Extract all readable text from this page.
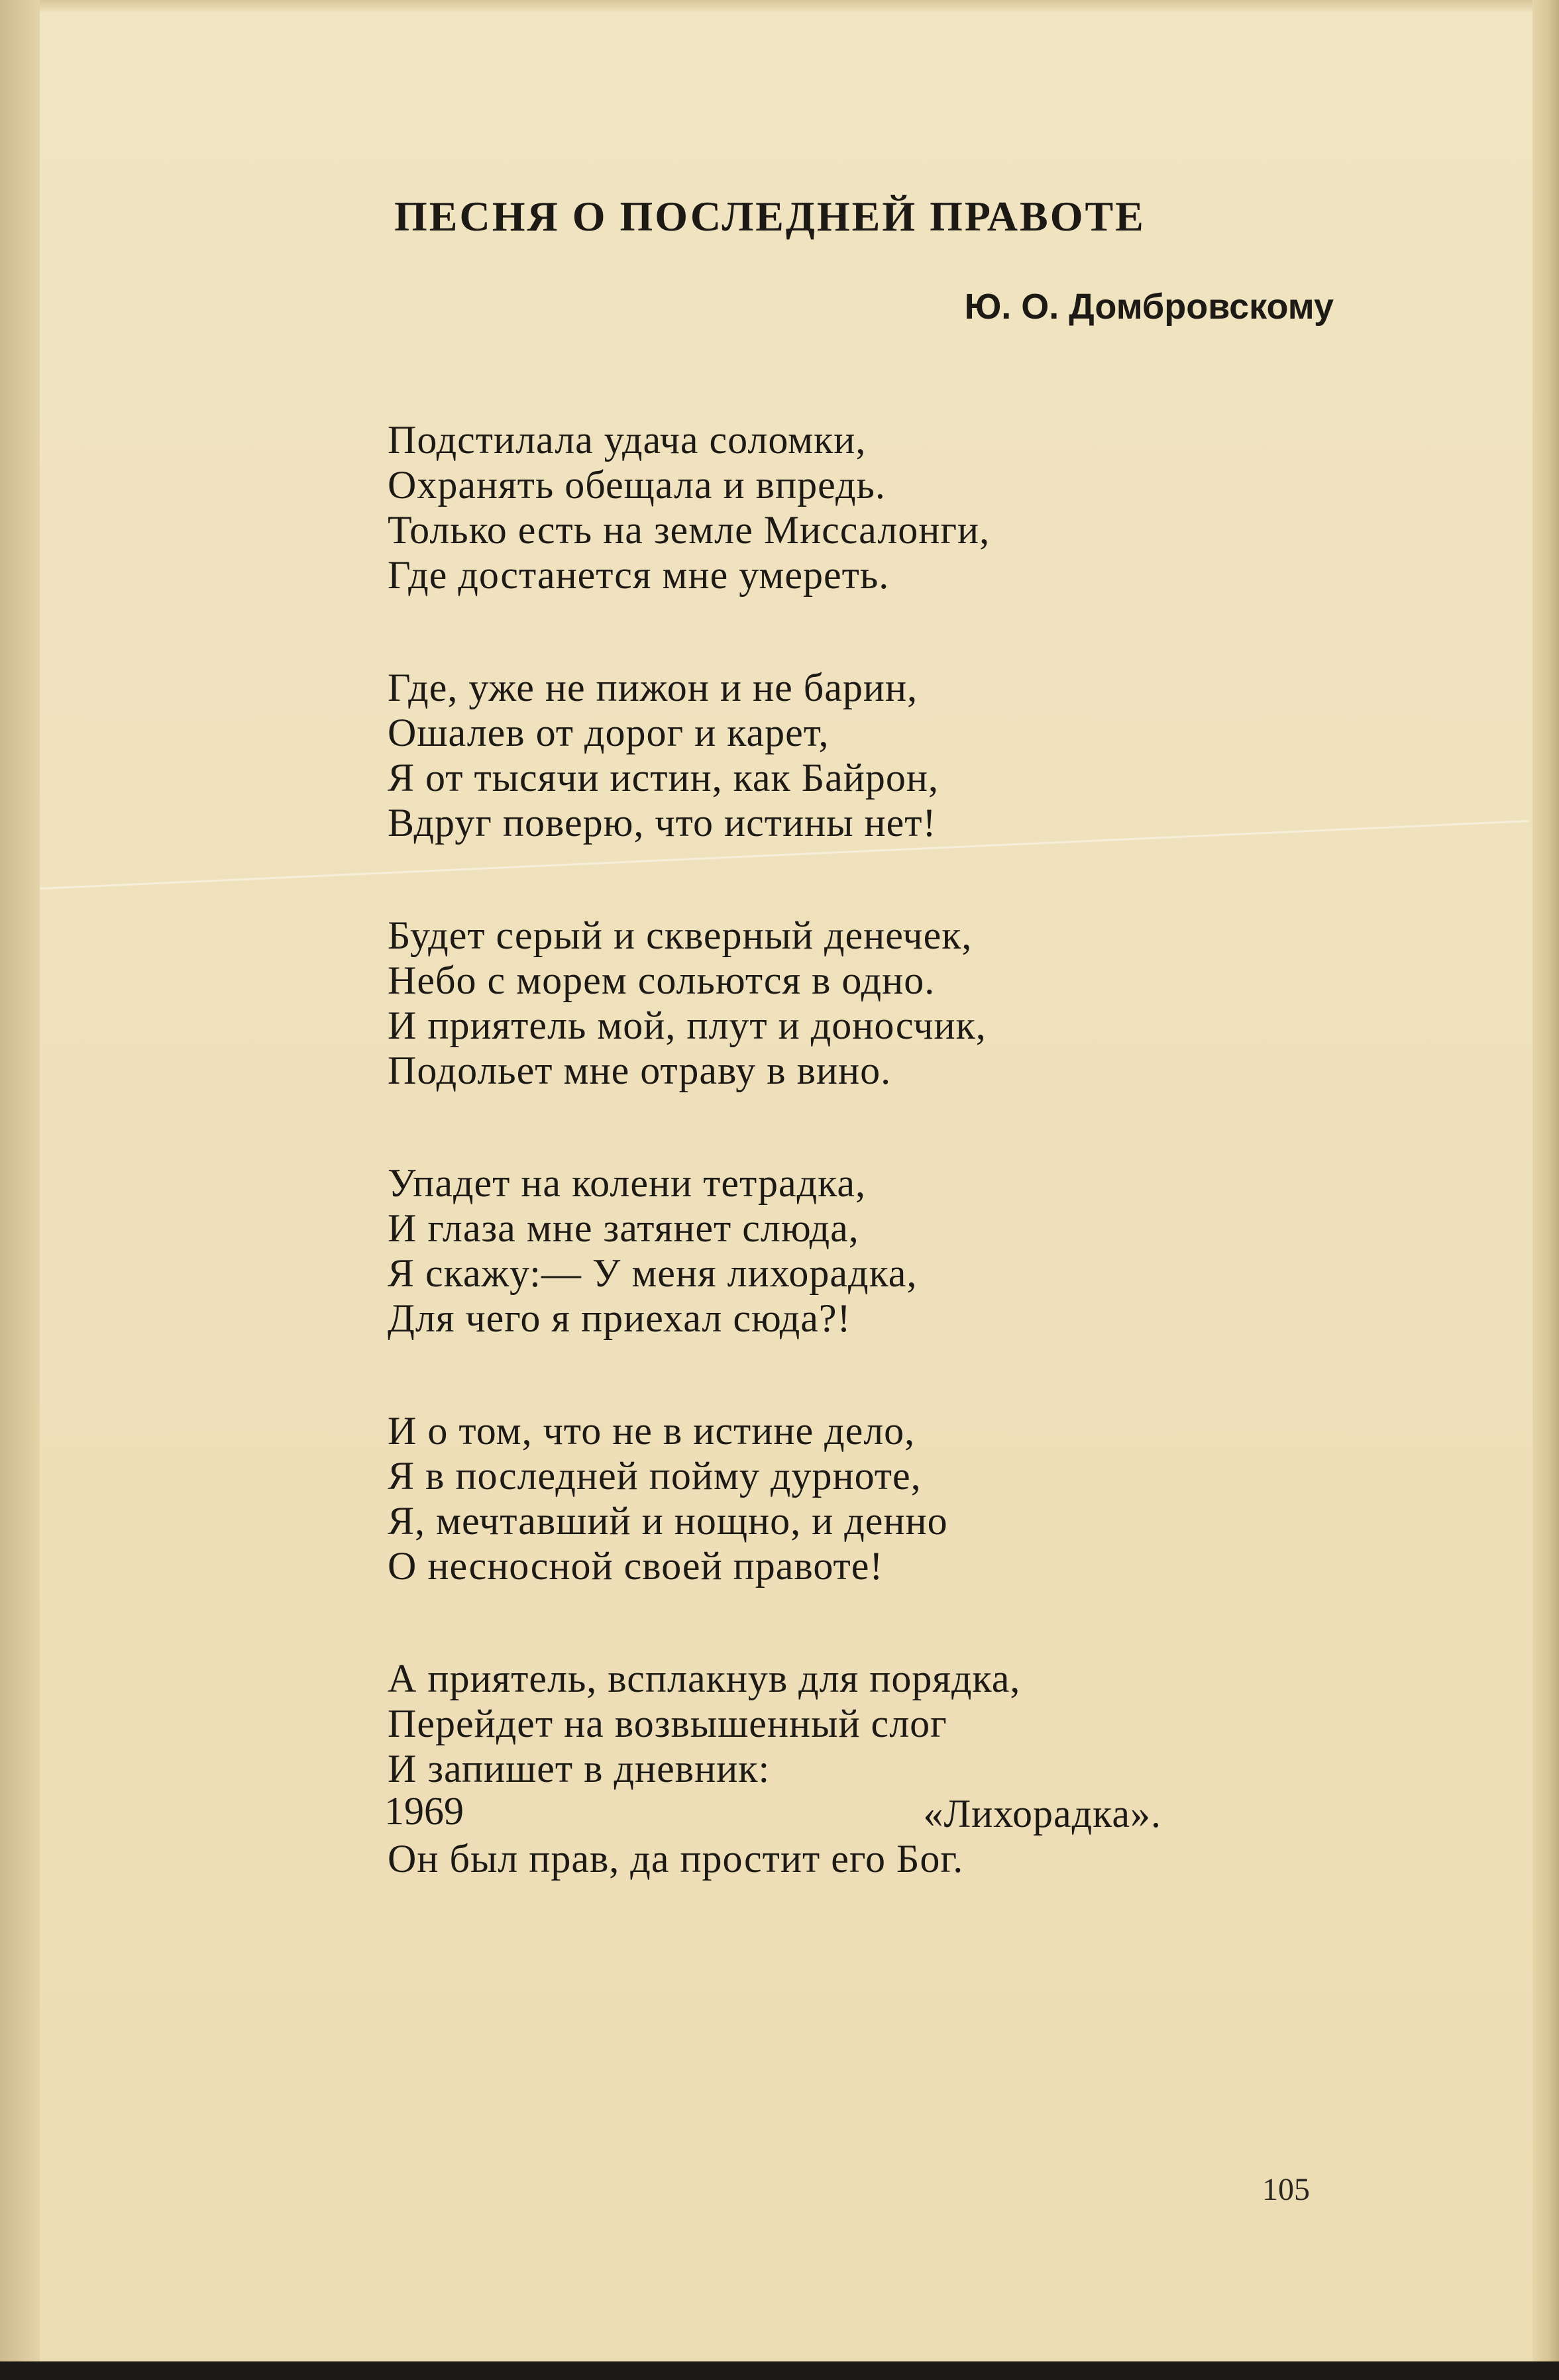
ПЕСНЯ О ПОСЛЕДНЕЙ ПРАВОТЕ
Ю. О. Домбровскому
Подстилала удача соломки,
Охранять обещала и впредь.
Только есть на земле Миссалонги,
Где достанется мне умереть.
Где, уже не пижон и не барин,
Ошалев от дорог и карет,
Я от тысячи истин, как Байрон,
Вдруг поверю, что истины нет!
Будет серый и скверный денечек,
Небо с морем сольются в одно.
И приятель мой, плут и доносчик,
Подольет мне отраву в вино.
Упадет на колени тетрадка,
И глаза мне затянет слюда,
Я скажу:— У меня лихорадка,
Для чего я приехал сюда?!
И о том, что не в истине дело,
Я в последней пойму дурноте,
Я, мечтавший и нощно, и денно
О несносной своей правоте!
А приятель, всплакнув для порядка,
Перейдет на возвышенный слог
И запишет в дневник:
«Лихорадка».
Он был прав, да простит его Бог.
1969
105
